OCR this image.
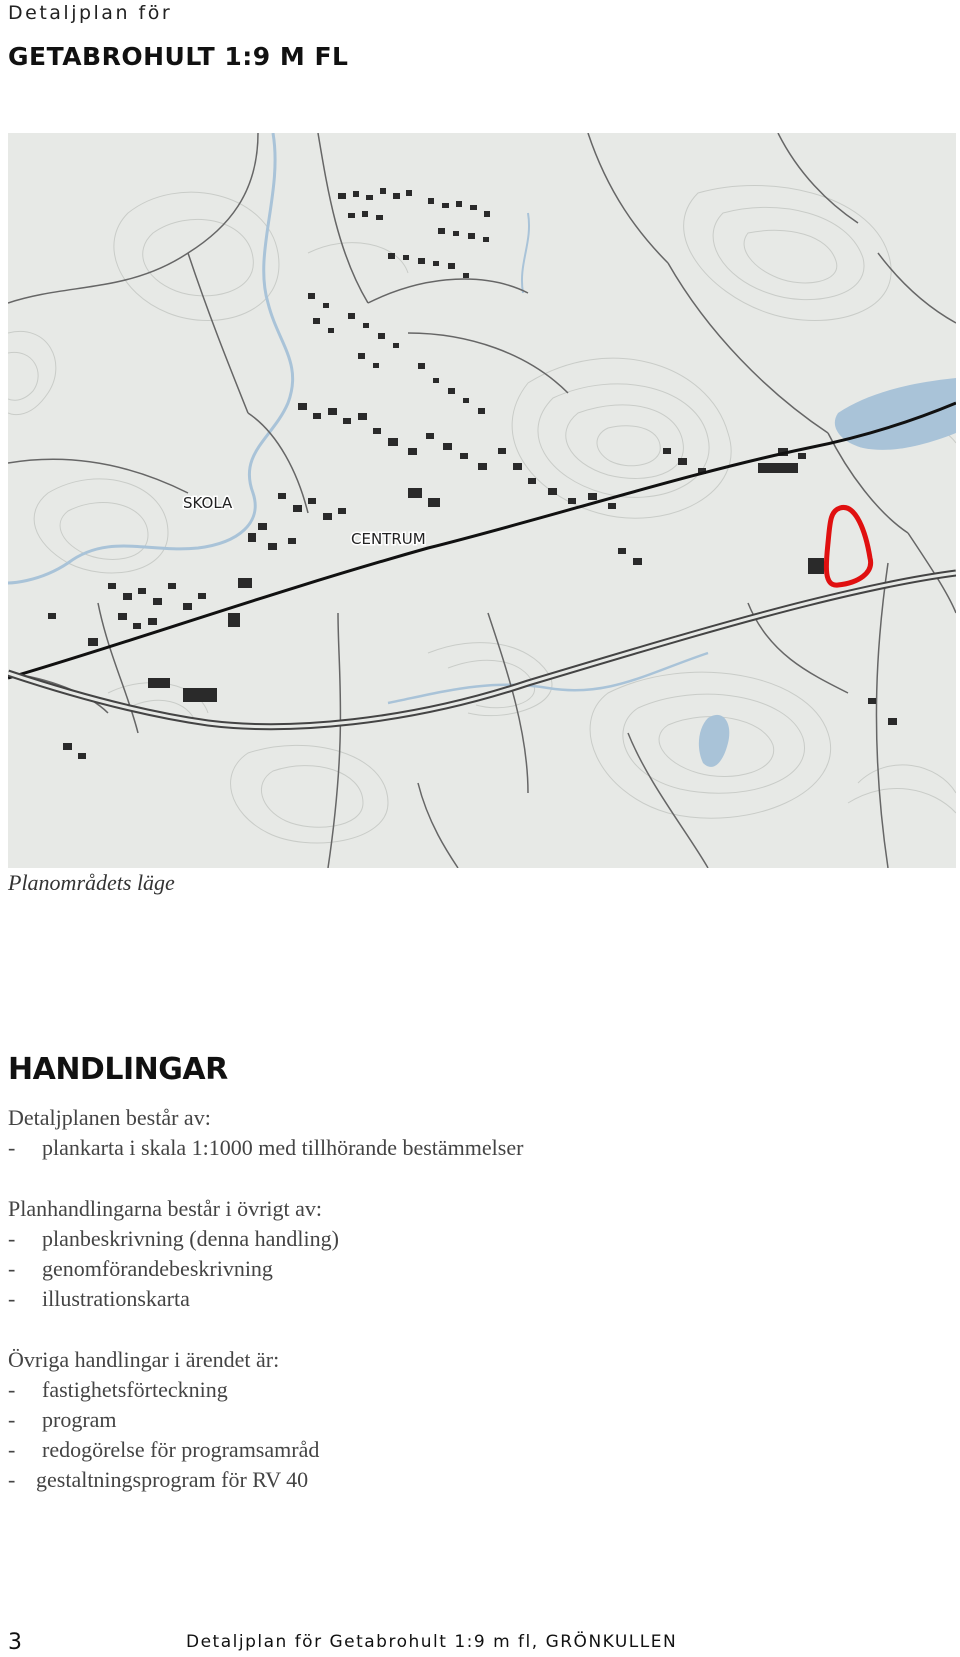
Detaljplan för
GETABROHULT 1:9 M FL
SKOLA
CENTRUM
Planområdets läge
HANDLINGAR
Detaljplanen består av:
- plankarta i skala 1:1000 med tillhörande bestämmelser
Planhandlingarna består i övrigt av:
- planbeskrivning (denna handling)
- genomförandebeskrivning
- illustrationskarta
Övriga handlingar i ärendet är:
- fastighetsförteckning
- program
- redogörelse för programsamråd
- gestaltningsprogram för RV 40
3	Detaljplan för Getabrohult 1:9 m fl, GRÖNKULLEN
